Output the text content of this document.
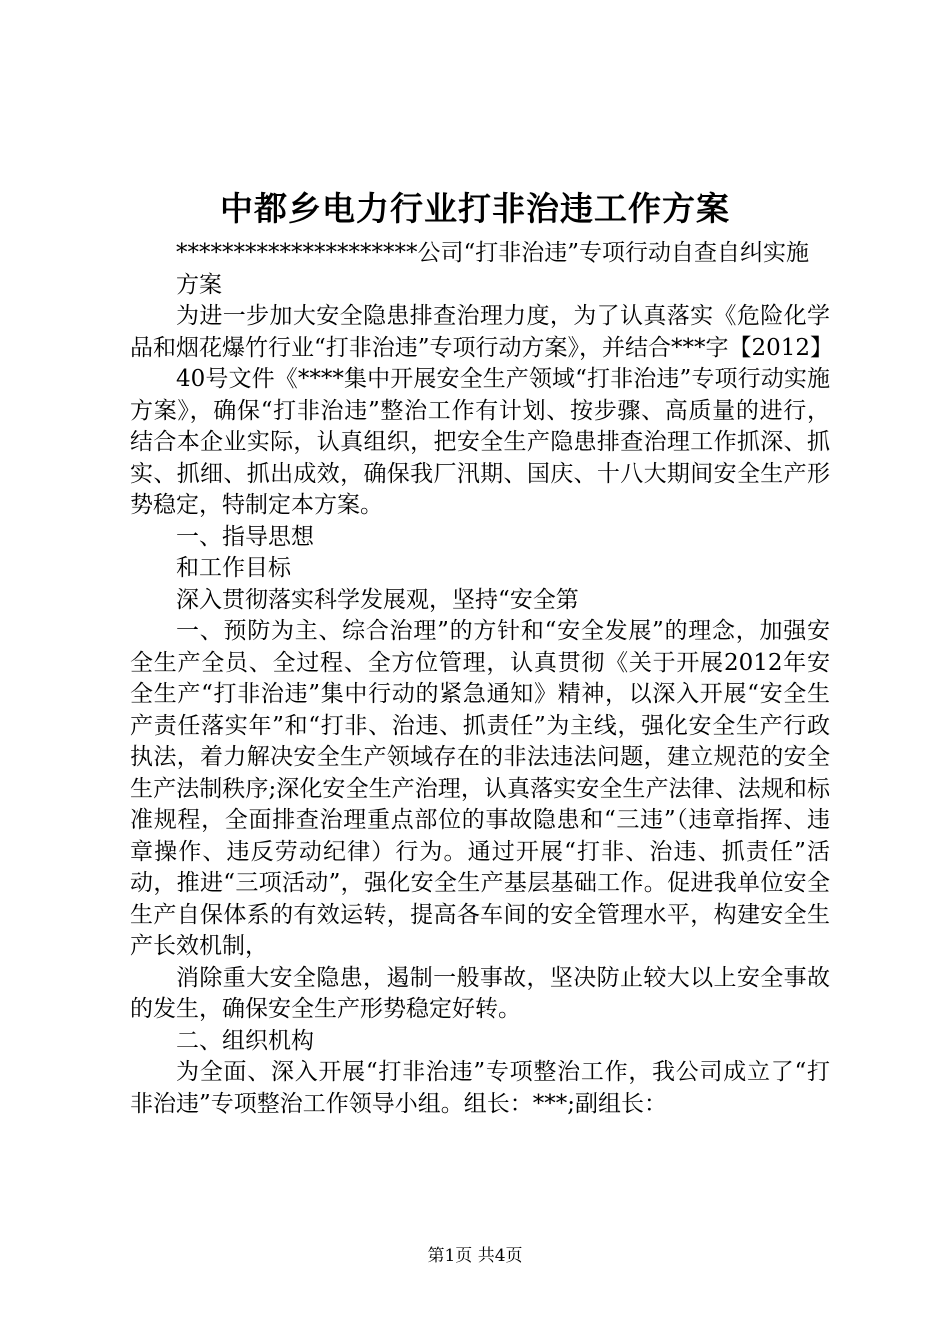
中都乡电力行业打非治违工作方案

*********************公司“打非治违”专项行动自查自纠实施

方案

为进一步加大安全隐患排查治理力度，为了认真落实《危险化学品和烟花爆竹行业“打非治违”专项行动方案》，并结合***字【2012】

40号文件《****集中开展安全生产领域“打非治违”专项行动实施方案》，确保“打非治违”整治工作有计划、按步骤、高质量的进行，结合本企业实际，认真组织，把安全生产隐患排查治理工作抓深、抓实、抓细、抓出成效，确保我厂汛期、国庆、十八大期间安全生产形势稳定，特制定本方案。

一、指导思想

和工作目标

深入贯彻落实科学发展观，坚持“安全第

一、预防为主、综合治理”的方针和“安全发展”的理念，加强安全生产全员、全过程、全方位管理，认真贯彻《关于开展2012年安全生产“打非治违”集中行动的紧急通知》精神，以深入开展“安全生产责任落实年”和“打非、治违、抓责任”为主线，强化安全生产行政执法，着力解决安全生产领域存在的非法违法问题，建立规范的安全生产法制秩序;深化安全生产治理，认真落实安全生产法律、法规和标准规程，全面排查治理重点部位的事故隐患和“三违”（违章指挥、违章操作、违反劳动纪律）行为。通过开展“打非、治违、抓责任”活动，推进“三项活动”，强化安全生产基层基础工作。促进我单位安全生产自保体系的有效运转，提高各车间的安全管理水平，构建安全生产长效机制，

消除重大安全隐患，遏制一般事故，坚决防止较大以上安全事故的发生，确保安全生产形势稳定好转。

二、组织机构

为全面、深入开展“打非治违”专项整治工作，我公司成立了“打非治违”专项整治工作领导小组。组长：***;副组长：

第1页 共4页
